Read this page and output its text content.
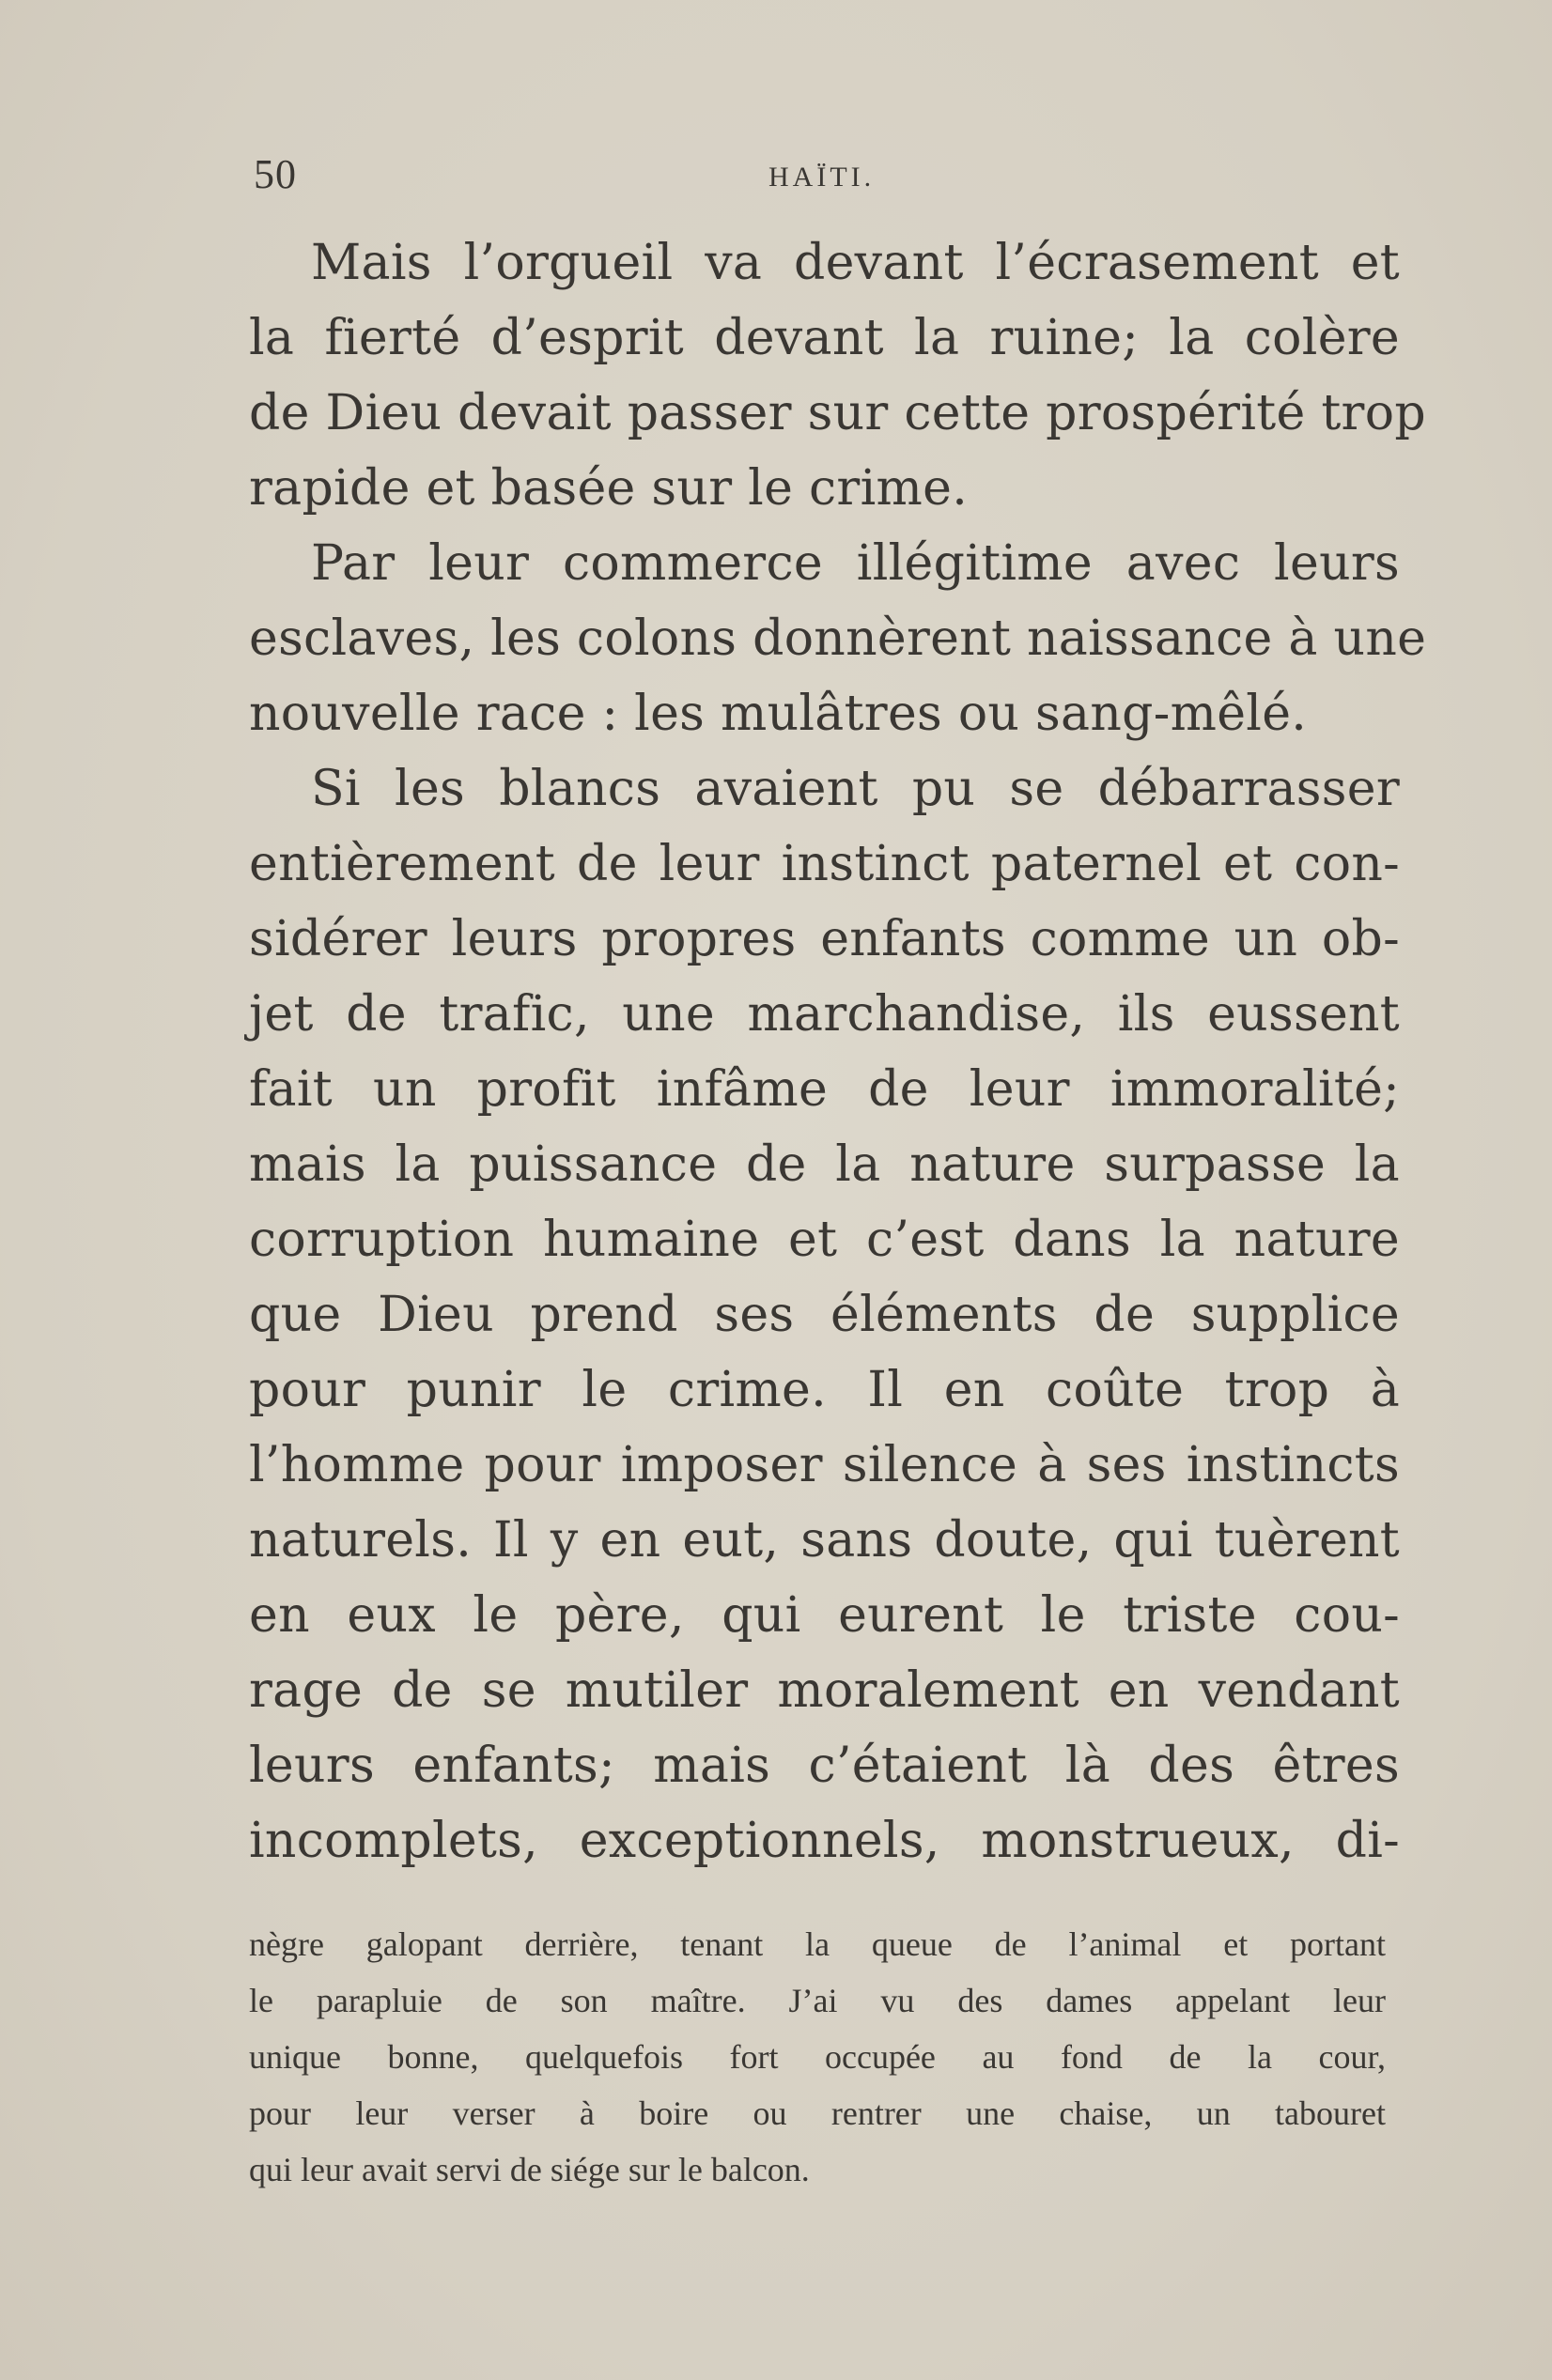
50	HAÏTI.
Mais l’orgueil va devant l’écrasement et
la fierté d’esprit devant la ruine; la colère
de Dieu devait passer sur cette prospérité trop
rapide et basée sur le crime.
Par leur commerce illégitime avec leurs
esclaves, les colons donnèrent naissance à une
nouvelle race : les mulâtres ou sang-mêlé.
Si les blancs avaient pu se débarrasser
entièrement de leur instinct paternel et con-
sidérer leurs propres enfants comme un ob-
jet de trafic, une marchandise, ils eussent
fait un profit infâme de leur immoralité;
mais la puissance de la nature surpasse la
corruption humaine et c’est dans la nature
que Dieu prend ses éléments de supplice
pour punir le crime. Il en coûte trop à
l’homme pour imposer silence à ses instincts
naturels. Il y en eut, sans doute, qui tuèrent
en eux le père, qui eurent le triste cou-
rage de se mutiler moralement en vendant
leurs enfants; mais c’étaient là des êtres
incomplets, exceptionnels, monstrueux, di-
nègre galopant derrière, tenant la queue de l’animal et portant
le parapluie de son maître. J’ai vu des dames appelant leur
unique bonne, quelquefois fort occupée au fond de la cour,
pour leur verser à boire ou rentrer une chaise, un tabouret
qui leur avait servi de siége sur le balcon.
